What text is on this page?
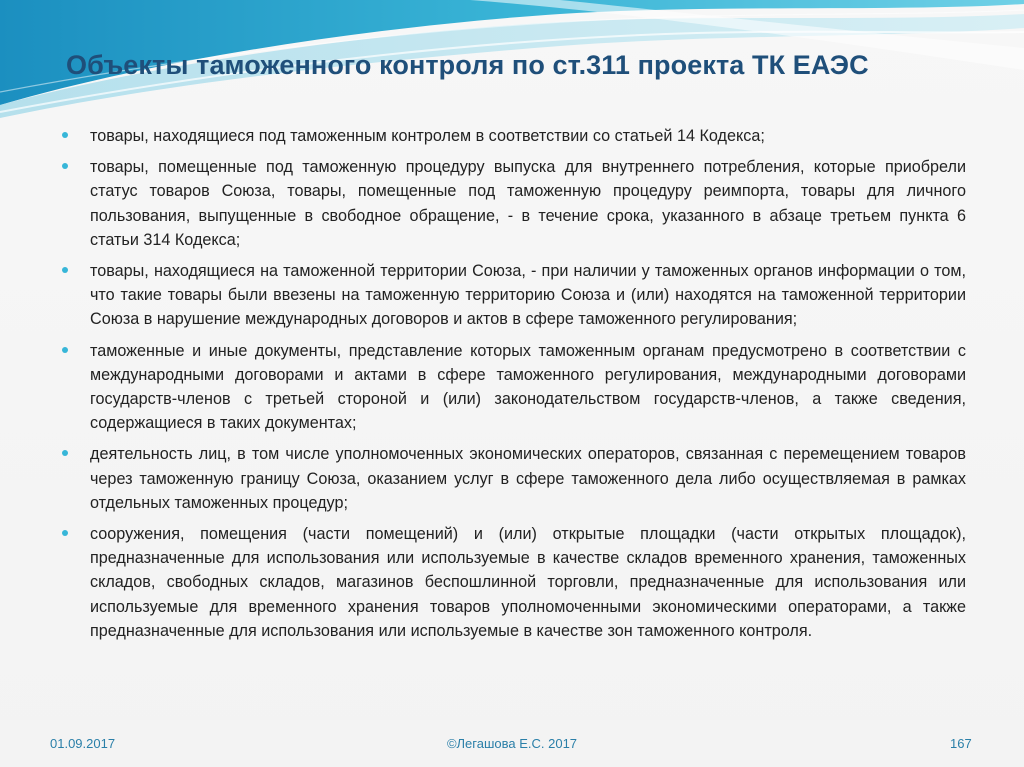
Объекты таможенного контроля по ст.311 проекта ТК ЕАЭС
товары, находящиеся под таможенным контролем в соответствии со статьей 14 Кодекса;
товары, помещенные под таможенную процедуру выпуска для внутреннего потребления, которые приобрели статус товаров Союза, товары, помещенные под таможенную процедуру реимпорта, товары для личного пользования, выпущенные в свободное обращение, - в течение срока, указанного в абзаце третьем пункта 6 статьи 314 Кодекса;
товары, находящиеся на таможенной территории Союза, - при наличии у таможенных органов информации о том, что такие товары были ввезены на таможенную территорию Союза и (или) находятся на таможенной территории Союза в нарушение международных договоров и актов в сфере таможенного регулирования;
таможенные и иные документы, представление которых таможенным органам предусмотрено в соответствии с международными договорами и актами в сфере таможенного регулирования, международными договорами государств-членов с третьей стороной и (или) законодательством государств-членов, а также сведения, содержащиеся в таких документах;
деятельность лиц, в том числе уполномоченных экономических операторов, связанная с перемещением товаров через таможенную границу Союза, оказанием услуг в сфере таможенного дела либо осуществляемая в рамках отдельных таможенных процедур;
сооружения, помещения (части помещений) и (или) открытые площадки (части открытых площадок), предназначенные для использования или используемые в качестве складов временного хранения, таможенных складов, свободных складов, магазинов беспошлинной торговли, предназначенные для использования или используемые для временного хранения товаров уполномоченными экономическими операторами, а также предназначенные для использования или используемые в качестве зон таможенного контроля.
01.09.2017	©Легашова Е.С. 2017	167
